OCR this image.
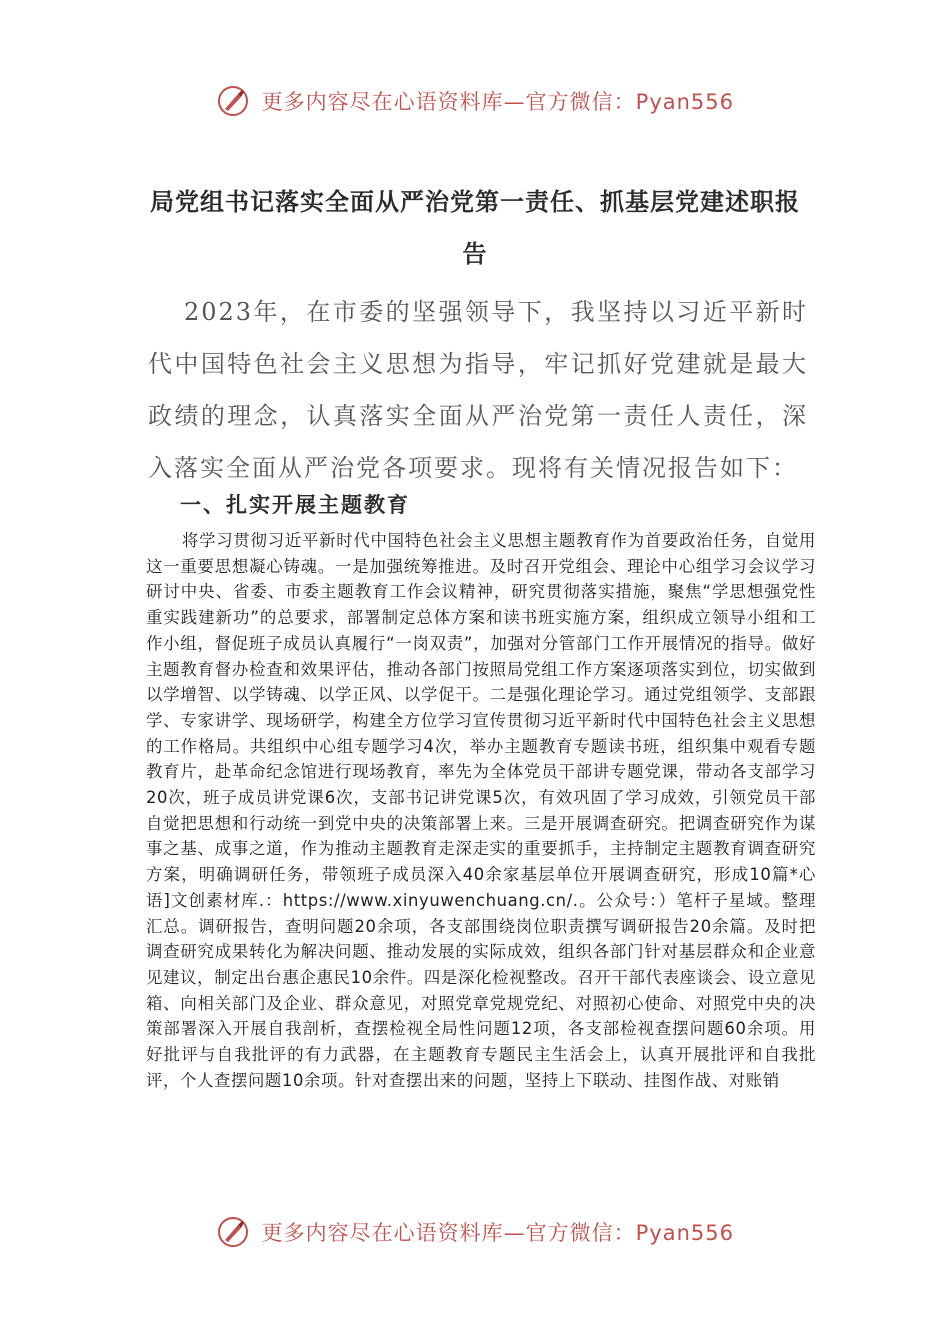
更多内容尽在心语资料库—官方微信：Pyan556
局党组书记落实全面从严治党第一责任、抓基层党建述职报告
2023年，在市委的坚强领导下，我坚持以习近平新时代中国特色社会主义思想为指导，牢记抓好党建就是最大政绩的理念，认真落实全面从严治党第一责任人责任，深入落实全面从严治党各项要求。现将有关情况报告如下：
一、扎实开展主题教育
将学习贯彻习近平新时代中国特色社会主义思想主题教育作为首要政治任务，自觉用这一重要思想凝心铸魂。一是加强统筹推进。及时召开党组会、理论中心组学习会议学习研讨中央、省委、市委主题教育工作会议精神，研究贯彻落实措施，聚焦“学思想强党性重实践建新功”的总要求，部署制定总体方案和读书班实施方案，组织成立领导小组和工作小组，督促班子成员认真履行“一岗双责”，加强对分管部门工作开展情况的指导。做好主题教育督办检查和效果评估，推动各部门按照局党组工作方案逐项落实到位，切实做到以学增智、以学铸魂、以学正风、以学促干。二是强化理论学习。通过党组领学、支部跟学、专家讲学、现场研学，构建全方位学习宣传贯彻习近平新时代中国特色社会主义思想的工作格局。共组织中心组专题学习4次，举办主题教育专题读书班，组织集中观看专题教育片，赴革命纪念馆进行现场教育，率先为全体党员干部讲专题党课，带动各支部学习20次，班子成员讲党课6次，支部书记讲党课5次，有效巩固了学习成效，引领党员干部自觉把思想和行动统一到党中央的决策部署上来。三是开展调查研究。把调查研究作为谋事之基、成事之道，作为推动主题教育走深走实的重要抓手，主持制定主题教育调查研究方案，明确调研任务，带领班子成员深入40余家基层单位开展调查研究，形成10篇*心语]文创素材库.：https://www.xinyuwenchuang.cn/.。公众号：）笔杆子星域。整理汇总。调研报告，查明问题20余项，各支部围绕岗位职责撰写调研报告20余篇。及时把调查研究成果转化为解决问题、推动发展的实际成效，组织各部门针对基层群众和企业意见建议，制定出台惠企惠民10余件。四是深化检视整改。召开干部代表座谈会、设立意见箱、向相关部门及企业、群众意见，对照党章党规党纪、对照初心使命、对照党中央的决策部署深入开展自我剖析，查摆检视全局性问题12项，各支部检视查摆问题60余项。用好批评与自我批评的有力武器，在主题教育专题民主生活会上，认真开展批评和自我批评，个人查摆问题10余项。针对查摆出来的问题，坚持上下联动、挂图作战、对账销
更多内容尽在心语资料库—官方微信：Pyan556
